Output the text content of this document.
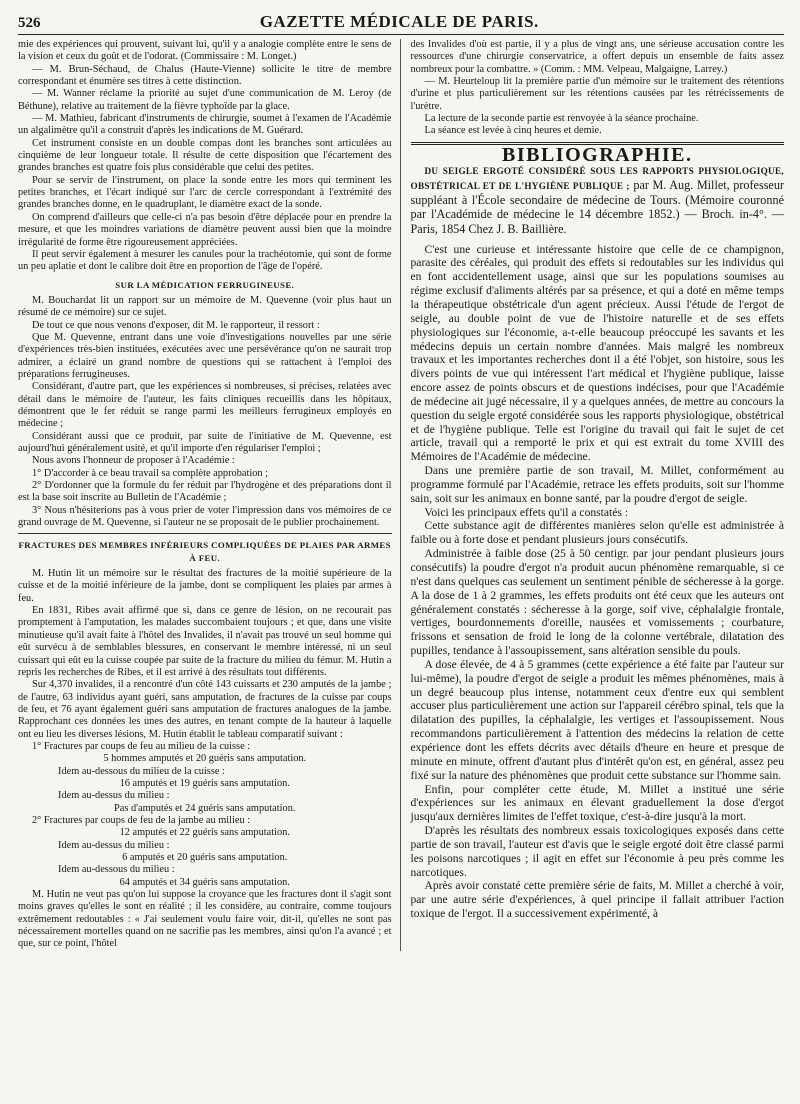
526	GAZETTE MÉDICALE DE PARIS.

mie des expériences qui prouvent, suivant lui, qu'il y a analogie complète entre le sens de la vision et ceux du goût et de l'odorat. (Commissaire : M. Longet.)

— M. Brun-Séchaud, de Chalus (Haute-Vienne) sollicite le titre de membre correspondant et énumère ses titres à cette distinction.

— M. Wanner réclame la priorité au sujet d'une communication de M. Leroy (de Béthune), relative au traitement de la fièvre typhoïde par la glace.

— M. Mathieu, fabricant d'instruments de chirurgie, soumet à l'examen de l'Académie un algalimètre qu'il a construit d'après les indications de M. Guérard.

Cet instrument consiste en un double compas dont les branches sont articulées au cinquième de leur longueur totale. Il résulte de cette disposition que l'écartement des grandes branches est quatre fois plus considérable que celui des petites.

Pour se servir de l'instrument, on place la sonde entre les mors qui terminent les petites branches, et l'écart indiqué sur l'arc de cercle correspondant à l'extrémité des grandes branches donne, en le quadruplant, le diamètre exact de la sonde.

On comprend d'ailleurs que celle-ci n'a pas besoin d'être déplacée pour en prendre la mesure, et que les moindres variations de diamètre peuvent aussi bien que la moindre irrégularité de forme être rigoureusement appréciées.

Il peut servir également à mesurer les canules pour la trachéotomie, qui sont de forme un peu aplatie et dont le calibre doit être en proportion de l'âge de l'opéré.

SUR LA MÉDICATION FERRUGINEUSE.

M. Bouchardat lit un rapport sur un mémoire de M. Quevenne (voir plus haut un résumé de ce mémoire) sur ce sujet.

De tout ce que nous venons d'exposer, dit M. le rapporteur, il ressort :

Que M. Quevenne, entrant dans une voie d'investigations nouvelles par une série d'expériences très-bien instituées, exécutées avec une persévérance qu'on ne saurait trop admirer, a éclairé un grand nombre de questions qui se rattachent à l'emploi des préparations ferrugineuses.

Considérant, d'autre part, que les expériences si nombreuses, si précises, relatées avec détail dans le mémoire de l'auteur, les faits cliniques recueillis dans les hôpitaux, démontrent que le fer réduit se range parmi les meilleurs ferrugineux employés en médecine ;

Considérant aussi que ce produit, par suite de l'initiative de M. Quevenne, est aujourd'hui généralement usité, et qu'il importe d'en régulariser l'emploi ;

Nous avons l'honneur de proposer à l'Académie :

1° D'accorder à ce beau travail sa complète approbation ;

2° D'ordonner que la formule du fer réduit par l'hydrogène et des préparations dont il est la base soit inscrite au Bulletin de l'Académie ;

3° Nous n'hésiterions pas à vous prier de voter l'impression dans vos mémoires de ce grand ouvrage de M. Quevenne, si l'auteur ne se proposait de le publier prochainement.

FRACTURES DES MEMBRES INFÉRIEURS COMPLIQUÉES DE PLAIES PAR ARMES À FEU.

M. Hutin lit un mémoire sur le résultat des fractures de la moitié supérieure de la cuisse et de la moitié inférieure de la jambe, dont se compliquent les plaies par armes à feu.

En 1831, Ribes avait affirmé que si, dans ce genre de lésion, on ne recourait pas promptement à l'amputation, les malades succombaient toujours ; et que, dans une visite minutieuse qu'il avait faite à l'hôtel des Invalides, il n'avait pas trouvé un seul homme qui eût survécu à de semblables blessures, en conservant le membre intéressé, ni un seul cuissart qui eût eu la cuisse coupée par suite de la fracture du milieu du fémur. M. Hutin a repris les recherches de Ribes, et il est arrivé à des résultats tout différents.

Sur 4,370 invalides, il a rencontré d'un côté 143 cuissarts et 230 amputés de la jambe ; de l'autre, 63 individus ayant guéri, sans amputation, de fractures de la cuisse par coups de feu, et 76 ayant également guéri sans amputation de fractures analogues de la jambe. Rapprochant ces données les unes des autres, en tenant compte de la hauteur à laquelle ont eu lieu les diverses lésions, M. Hutin établit le tableau comparatif suivant :

1° Fractures par coups de feu au milieu de la cuisse :

5 hommes amputés et 20 guéris sans amputation.

Idem au-dessous du milieu de la cuisse :

16 amputés et 19 guéris sans amputation.

Idem au-dessus du milieu :

Pas d'amputés et 24 guéris sans amputation.

2° Fractures par coups de feu de la jambe au milieu :

12 amputés et 22 guéris sans amputation.

Idem au-dessus du milieu :

6 amputés et 20 guéris sans amputation.

Idem au-dessous du milieu :

64 amputés et 34 guéris sans amputation.

M. Hutin ne veut pas qu'on lui suppose la croyance que les fractures dont il s'agit sont moins graves qu'elles le sont en réalité ; il les considère, au contraire, comme toujours extrêmement redoutables : « J'ai seulement voulu faire voir, dit-il, qu'elles ne sont pas nécessairement mortelles quand on ne sacrifie pas les membres, ainsi qu'on l'a avancé ; et que, sur ce point, l'hôtel

des Invalides d'où est partie, il y a plus de vingt ans, une sérieuse accusation contre les ressources d'une chirurgie conservatrice, a offert depuis un ensemble de faits assez nombreux pour la combattre. » (Comm. : MM. Velpeau, Malgaigne, Larrey.)

— M. Heurteloup lit la première partie d'un mémoire sur le traitement des rétentions d'urine et plus particulièrement sur les rétentions causées par les rétrécissements de l'urètre.

La lecture de la seconde partie est renvoyée à la séance prochaine.

La séance est levée à cinq heures et demie.

BIBLIOGRAPHIE.

DU SEIGLE ERGOTÉ CONSIDÉRÉ SOUS LES RAPPORTS PHYSIOLOGIQUE, OBSTÉTRICAL ET DE L'HYGIÈNE PUBLIQUE ; par M. Aug. Millet, professeur suppléant à l'École secondaire de médecine de Tours. (Mémoire couronné par l'Académide de médecine le 14 décembre 1852.) — Broch. in-4°. — Paris, 1854 Chez J. B. Baillière.

C'est une curieuse et intéressante histoire que celle de ce champignon, parasite des céréales, qui produit des effets si redoutables sur les individus qui en font accidentellement usage, ainsi que sur les populations soumises au régime exclusif d'aliments altérés par sa présence, et qui a doté en même temps la thérapeutique obstétricale d'un agent précieux. Aussi l'étude de l'ergot de seigle, au double point de vue de l'histoire naturelle et de ses effets physiologiques sur l'économie, a-t-elle beaucoup préoccupé les savants et les médecins depuis un certain nombre d'années. Mais malgré les nombreux travaux et les importantes recherches dont il a été l'objet, son histoire, sous les divers points de vue qui intéressent l'art médical et l'hygiène publique, laisse encore assez de points obscurs et de questions indécises, pour que l'Académie de médecine ait jugé nécessaire, il y a quelques années, de mettre au concours la question du seigle ergoté considérée sous les rapports physiologique, obstétrical et de l'hygiène publique. Telle est l'origine du travail qui fait le sujet de cet article, travail qui a remporté le prix et qui est extrait du tome XVIII des Mémoires de l'Académie de médecine.

Dans une première partie de son travail, M. Millet, conformément au programme formulé par l'Académie, retrace les effets produits, soit sur l'homme sain, soit sur les animaux en bonne santé, par la poudre d'ergot de seigle.

Voici les principaux effets qu'il a constatés :

Cette substance agit de différentes manières selon qu'elle est administrée à faible ou à forte dose et pendant plusieurs jours consécutifs.

Administrée à faible dose (25 à 50 centigr. par jour pendant plusieurs jours consécutifs) la poudre d'ergot n'a produit aucun phénomène remarquable, si ce n'est dans quelques cas seulement un sentiment pénible de sécheresse à la gorge. A la dose de 1 à 2 grammes, les effets produits ont été ceux que les auteurs ont généralement constatés : sécheresse à la gorge, soif vive, céphalalgie frontale, vertiges, bourdonnements d'oreille, nausées et vomissements ; courbature, frissons et sensation de froid le long de la colonne vertébrale, dilatation des pupilles, tendance à l'assoupissement, sans altération sensible du pouls.

A dose élevée, de 4 à 5 grammes (cette expérience a été faite par l'auteur sur lui-même), la poudre d'ergot de seigle a produit les mêmes phénomènes, mais à un degré beaucoup plus intense, notamment ceux d'entre eux qui semblent accuser plus particulièrement une action sur l'appareil cérébro spinal, tels que la dilatation des pupilles, la céphalalgie, les vertiges et l'assoupissement. Nous recommandons particulièrement à l'attention des médecins la relation de cette expérience dont les effets décrits avec détails d'heure en heure et presque de minute en minute, offrent d'autant plus d'intérêt qu'on est, en général, assez peu fixé sur la nature des phénomènes que produit cette substance sur l'homme sain.

Enfin, pour compléter cette étude, M. Millet a institué une série d'expériences sur les animaux en élevant graduellement la dose d'ergot jusqu'aux dernières limites de l'effet toxique, c'est-à-dire jusqu'à la mort.

D'après les résultats des nombreux essais toxicologiques exposés dans cette partie de son travail, l'auteur est d'avis que le seigle ergoté doit être classé parmi les poisons narcotiques ; il agit en effet sur l'économie à peu près comme les narcotiques.

Après avoir constaté cette première série de faits, M. Millet a cherché à voir, par une autre série d'expériences, à quel principe il fallait attribuer l'action toxique de l'ergot. Il a successivement expérimenté, à
